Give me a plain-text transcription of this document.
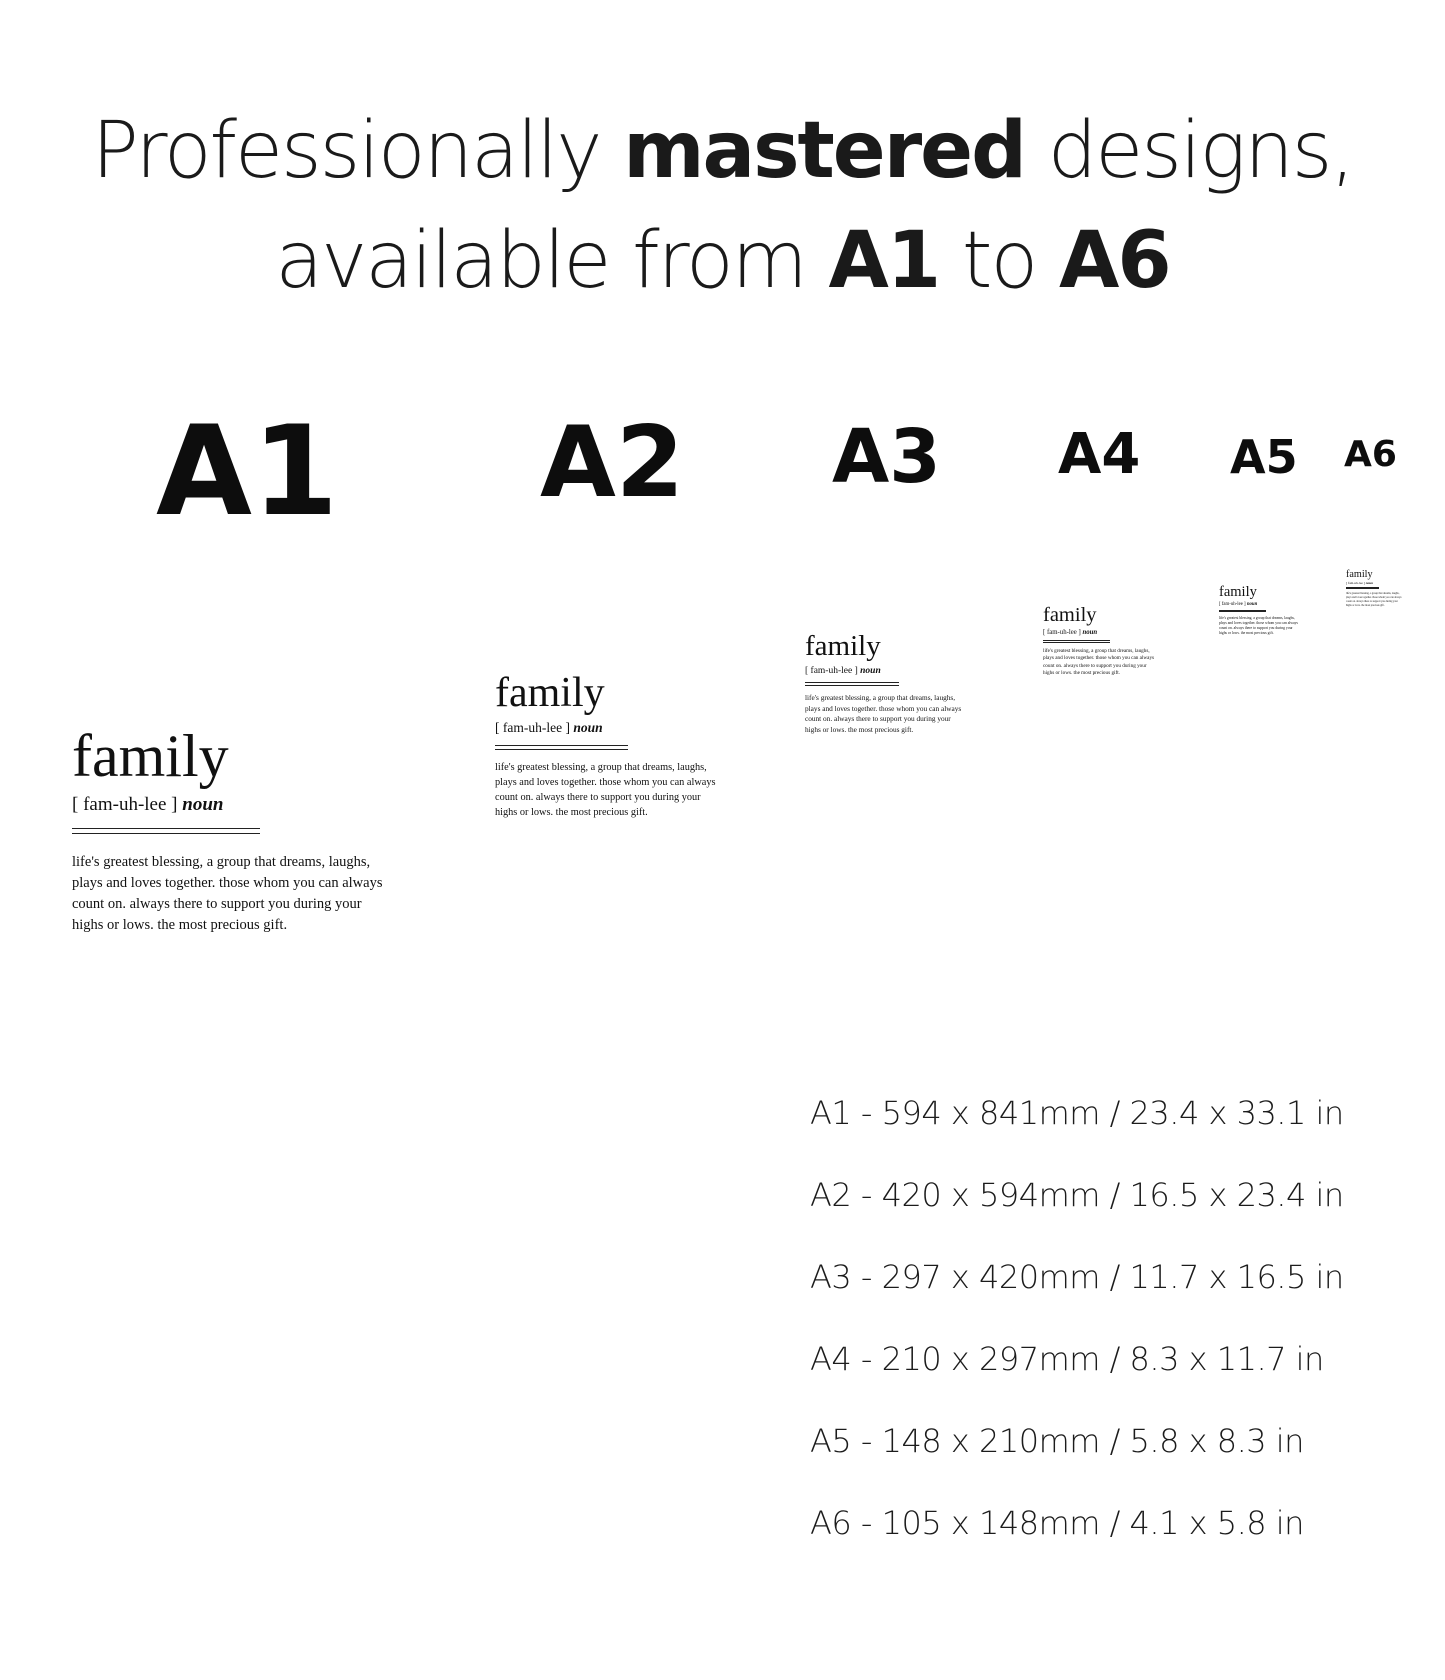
Professionally mastered designs,
available from A1 to A6
A1 A2 A3 A4 A5 A6
family
[ fam-uh-lee ] noun
life's greatest blessing, a group that dreams, laughs, plays and loves together. those whom you can always count on. always there to support you during your highs or lows. the most precious gift.
family
[ fam-uh-lee ] noun
life's greatest blessing, a group that dreams, laughs, plays and loves together. those whom you can always count on. always there to support you during your highs or lows. the most precious gift.
family
[ fam-uh-lee ] noun
life's greatest blessing, a group that dreams, laughs, plays and loves together. those whom you can always count on. always there to support you during your highs or lows. the most precious gift.
family
[ fam-uh-lee ] noun
life's greatest blessing, a group that dreams, laughs, plays and loves together. those whom you can always count on. always there to support you during your highs or lows. the most precious gift.
family
[ fam-uh-lee ] noun
life's greatest blessing, a group that dreams, laughs, plays and loves together. those whom you can always count on. always there to support you during your highs or lows. the most precious gift.
family
[ fam-uh-lee ] noun
life's greatest blessing, a group that dreams, laughs, plays and loves together. those whom you can always count on. always there to support you during your highs or lows. the most precious gift.
A1 - 594 x 841mm / 23.4 x 33.1 in
A2 - 420 x 594mm / 16.5 x 23.4 in
A3 - 297 x 420mm / 11.7 x 16.5 in
A4 - 210 x 297mm / 8.3 x 11.7 in
A5 - 148 x 210mm / 5.8 x 8.3 in
A6 - 105 x 148mm / 4.1 x 5.8 in
